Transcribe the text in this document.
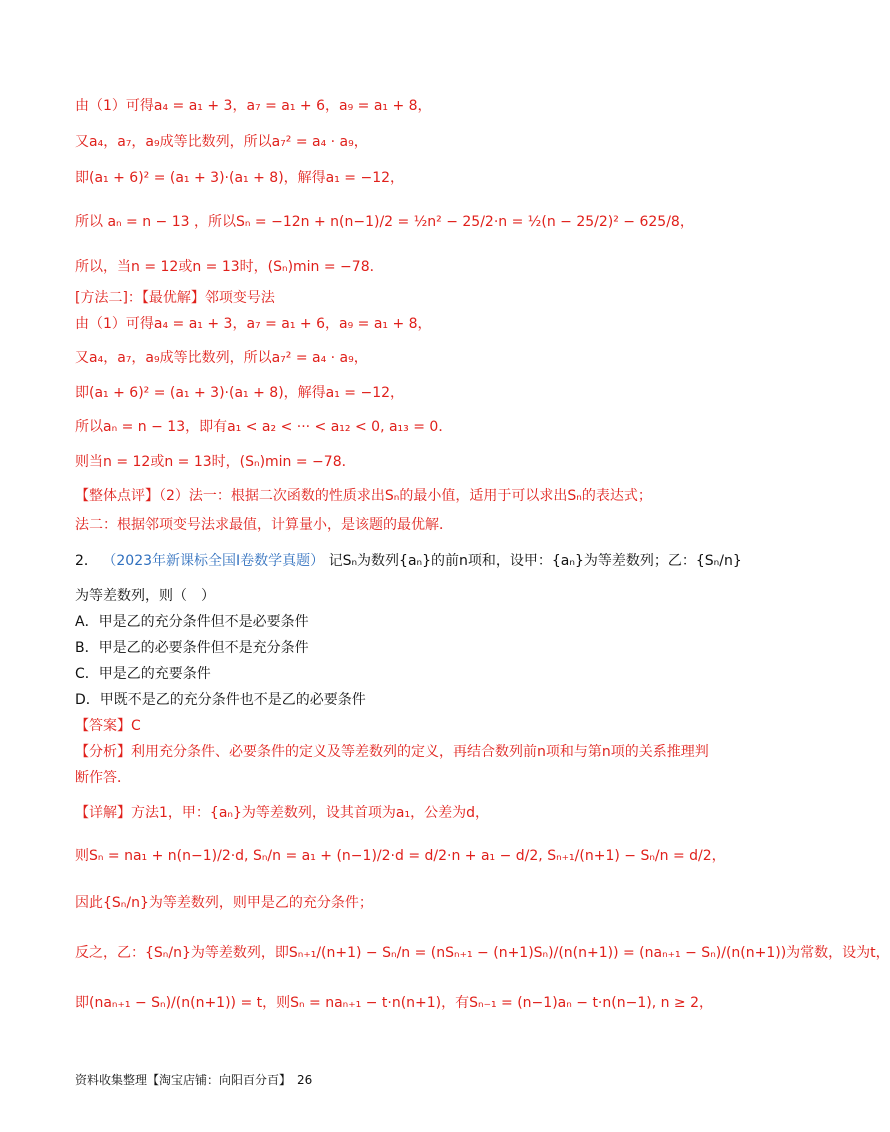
由（1）可得a₄ = a₁ + 3，a₇ = a₁ + 6，a₉ = a₁ + 8，
又a₄，a₇，a₉成等比数列，所以a₇² = a₄ · a₉，
即(a₁ + 6)² = (a₁ + 3)·(a₁ + 8)，解得a₁ = −12，
所以 aₙ = n − 13 ，所以Sₙ = −12n + n(n−1)/2 = ½n² − 25/2·n = ½(n − 25/2)² − 625/8，
所以，当n = 12或n = 13时，(Sₙ)min = −78．
[方法二]：【最优解】邻项变号法
由（1）可得a₄ = a₁ + 3，a₇ = a₁ + 6，a₉ = a₁ + 8，
又a₄，a₇，a₉成等比数列，所以a₇² = a₄ · a₉，
即(a₁ + 6)² = (a₁ + 3)·(a₁ + 8)，解得a₁ = −12，
所以aₙ = n − 13，即有a₁ < a₂ < ··· < a₁₂ < 0, a₁₃ = 0．
则当n = 12或n = 13时，(Sₙ)min = −78．
【整体点评】（2）法一：根据二次函数的性质求出Sₙ的最小值，适用于可以求出Sₙ的表达式；
法二：根据邻项变号法求最值，计算量小，是该题的最优解．
2． （2023年新课标全国Ⅰ卷数学真题） 记Sₙ为数列{aₙ}的前n项和，设甲：{aₙ}为等差数列；乙：{Sₙ/n}
为等差数列，则（　）
A．甲是乙的充分条件但不是必要条件
B．甲是乙的必要条件但不是充分条件
C．甲是乙的充要条件
D．甲既不是乙的充分条件也不是乙的必要条件
【答案】C
【分析】利用充分条件、必要条件的定义及等差数列的定义，再结合数列前n项和与第n项的关系推理判
断作答．
【详解】方法1，甲：{aₙ}为等差数列，设其首项为a₁，公差为d，
则Sₙ = na₁ + n(n−1)/2·d, Sₙ/n = a₁ + (n−1)/2·d = d/2·n + a₁ − d/2, Sₙ₊₁/(n+1) − Sₙ/n = d/2，
因此{Sₙ/n}为等差数列，则甲是乙的充分条件；
反之，乙：{Sₙ/n}为等差数列，即Sₙ₊₁/(n+1) − Sₙ/n = (nSₙ₊₁ − (n+1)Sₙ)/(n(n+1)) = (naₙ₊₁ − Sₙ)/(n(n+1))为常数，设为t，
即(naₙ₊₁ − Sₙ)/(n(n+1)) = t，则Sₙ = naₙ₊₁ − t·n(n+1)，有Sₙ₋₁ = (n−1)aₙ − t·n(n−1), n ≥ 2，
资料收集整理【淘宝店铺：向阳百分百】　26
